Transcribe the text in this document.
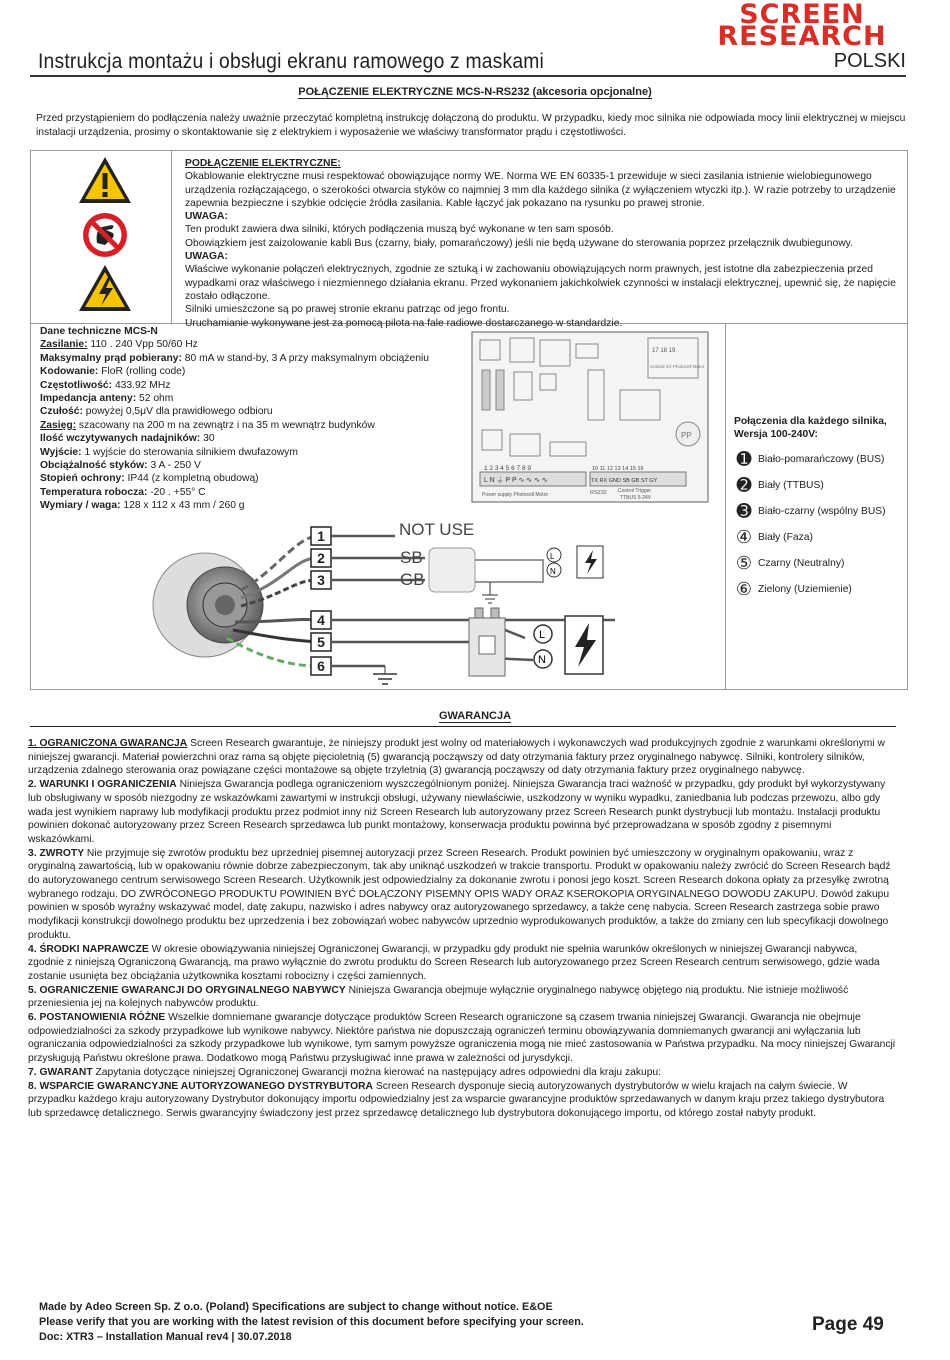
SCREEN
RESEARCH
Instrukcja montażu i obsługi ekranu ramowego z maskami	POLSKI
POŁĄCZENIE ELEKTRYCZNE MCS-N-RS232 (akcesoria opcjonalne)
Przed przystąpieniem do podłączenia należy uważnie przeczytać kompletną instrukcję dołączoną do produktu. W przypadku, kiedy moc silnika nie odpowiada mocy linii elektrycznej w miejscu instalacji urządzenia, prosimy o skontaktowanie się z elektrykiem i wyposażenie we właściwy transformator prądu i częstotliwości.
PODŁĄCZENIE ELEKTRYCZNE:
Okablowanie elektryczne musi respektować obowiązujące normy WE. Norma WE EN 60335-1 przewiduje w sieci zasilania istnienie wielobiegunowego urządzenia rozłączającego, o szerokości otwarcia styków co najmniej 3 mm dla każdego silnika (z wyłączeniem wtyczki itp.). W razie potrzeby to urządzenie zapewnia bezpieczne i szybkie odcięcie źródła zasilania. Kable łączyć jak pokazano na rysunku po prawej stronie.
UWAGA:
Ten produkt zawiera dwa silniki, których podłączenia muszą być wykonane w ten sam sposób.
Obowiązkiem jest zaizolowanie kabli Bus (czarny, biały, pomarańczowy) jeśli nie będą używane do sterowania poprzez przełącznik dwubiegunowy.
UWAGA:
Właściwe wykonanie połączeń elektrycznych, zgodnie ze sztuką i w zachowaniu obowiązujących norm prawnych, jest istotne dla zabezpieczenia przed wypadkami oraz właściwego i niezmiennego działania ekranu. Przed wykonaniem jakichkolwiek czynności w instalacji elektrycznej, upewnić się, że napięcie zostało odłączone.
Silniki umieszczone są po prawej stronie ekranu patrząc od jego frontu.
Uruchamianie wykonywane jest za pomocą pilota na fale radiowe dostarczanego w standardzie.
Dane techniczne MCS-N
Zasilanie: 110 . 240 Vpp 50/60 Hz
Maksymalny prąd pobierany: 80 mA w stand-by, 3 A przy maksymalnym obciążeniu
Kodowanie: FloR (rolling code)
Częstotliwość: 433.92 MHz
Impedancja anteny: 52 ohm
Czułość: powyżej 0,5μV dla prawidłowego odbioru
Zasięg: szacowany na 200 m na zewnątrz i na 35 m wewnątrz budynków
Ilość wczytywanych nadajników: 30
Wyjście: 1 wyjście do sterowania silnikiem dwufazowym
Obciążalność styków: 3 A - 250 V
Stopień ochrony: IP44 (z kompletną obudową)
Temperatura robocza: -20 . +55° C
Wymiary / waga: 128 x 112 x 43 mm / 260 g
17 18 19
Central SV Photocell Motor
PP
1 2 3 4 5 6 7 8 9
L N ⏚ P P ∿ ∿ ∿ ∿
Power supply Photocell Motor
10 11 12 13 14 15 16
TX RX GND SB GB ST GY
RS232 Control Trigger
TTBUS 5-24V
1
2
3
4
5
6
NOT USE
SB
GB
L
N
L
N
Połączenia dla każdego silnika,
Wersja 100-240V:
➊ Biało-pomarańczowy (BUS)
➋ Biały (TTBUS)
➌ Biało-czarny (wspólny BUS)
④ Biały (Faza)
⑤ Czarny (Neutralny)
⑥ Zielony (Uziemienie)
GWARANCJA
1. OGRANICZONA GWARANCJA Screen Research gwarantuje, że niniejszy produkt jest wolny od materiałowych i wykonawczych wad produkcyjnych zgodnie z warunkami określonymi w niniejszej gwarancji. Materiał powierzchni oraz rama są objęte pięcioletnią (5) gwarancją począwszy od daty otrzymania faktury przez oryginalnego nabywcę. Silniki, kontrolery silników, urządzenia zdalnego sterowania oraz powiązane części montażowe są objęte trzyletnią (3) gwarancją począwszy od daty otrzymania faktury przez oryginalnego nabywcę.
2. WARUNKI I OGRANICZENIA Niniejsza Gwarancja podlega ograniczeniom wyszczególnionym poniżej. Niniejsza Gwarancja traci ważność w przypadku, gdy produkt był wykorzystywany lub obsługiwany w sposób niezgodny ze wskazówkami zawartymi w instrukcji obsługi, używany niewłaściwie, uszkodzony w wyniku wypadku, zaniedbania lub podczas przewozu, albo gdy wada jest wynikiem naprawy lub modyfikacji produktu przez podmiot inny niż Screen Research lub autoryzowany przez Screen Research punkt dystrybucji lub montażu. Instalacji produktu powinien dokonać autoryzowany przez Screen Research sprzedawca lub punkt montażowy, konserwacja produktu powinna być przeprowadzana w sposób zgodny z pisemnymi wskazówkami.
3. ZWROTY Nie przyjmuje się zwrotów produktu bez uprzedniej pisemnej autoryzacji przez Screen Research. Produkt powinien być umieszczony w oryginalnym opakowaniu, wraz z oryginalną zawartością, lub w opakowaniu równie dobrze zabezpieczonym, tak aby uniknąć uszkodzeń w trakcie transportu. Produkt w opakowaniu należy zwrócić do Screen Research bądź do autoryzowanego centrum serwisowego Screen Research. Użytkownik jest odpowiedzialny za dokonanie zwrotu i ponosi jego koszt. Screen Research dokona opłaty za przesyłkę zwrotną wybranego rodzaju. DO ZWRÓCONEGO PRODUKTU POWINIEN BYĆ DOŁĄCZONY PISEMNY OPIS WADY ORAZ KSEROKOPIA ORYGINALNEGO DOWODU ZAKUPU. Dowód zakupu powinien w sposób wyraźny wskazywać model, datę zakupu, nazwisko i adres nabywcy oraz autoryzowanego sprzedawcy, a także cenę nabycia. Screen Research zastrzega sobie prawo modyfikacji konstrukcji dowolnego produktu bez uprzedzenia i bez zobowiązań wobec nabywców uprzednio wyprodukowanych produktów, a także do zmiany cen lub specyfikacji dowolnego produktu.
4. ŚRODKI NAPRAWCZE W okresie obowiązywania niniejszej Ograniczonej Gwarancji, w przypadku gdy produkt nie spełnia warunków określonych w niniejszej Gwarancji nabywca, zgodnie z niniejszą Ograniczoną Gwarancją, ma prawo wyłącznie do zwrotu produktu do Screen Research lub autoryzowanego przez Screen Research centrum serwisowego, gdzie wada zostanie usunięta bez obciążania użytkownika kosztami robocizny i części zamiennych.
5. OGRANICZENIE GWARANCJI DO ORYGINALNEGO NABYWCY Niniejsza Gwarancja obejmuje wyłącznie oryginalnego nabywcę objętego nią produktu. Nie istnieje możliwość przeniesienia jej na kolejnych nabywców produktu.
6. POSTANOWIENIA RÓŻNE Wszelkie domniemane gwarancje dotyczące produktów Screen Research ograniczone są czasem trwania niniejszej Gwarancji. Gwarancja nie obejmuje odpowiedzialności za szkody przypadkowe lub wynikowe nabywcy. Niektóre państwa nie dopuszczają ograniczeń terminu obowiązywania domniemanych gwarancji ani wyłączania lub ograniczania odpowiedzialności za szkody przypadkowe lub wynikowe, tym samym powyższe ograniczenia mogą nie mieć zastosowania w Państwa przypadku. Na mocy niniejszej Gwarancji przysługują Państwu określone prawa. Dodatkowo mogą Państwu przysługiwać inne prawa w zależności od jurysdykcji.
7. GWARANT Zapytania dotyczące niniejszej Ograniczonej Gwarancji można kierować na następujący adres odpowiedni dla kraju zakupu:
8. WSPARCIE GWARANCYJNE AUTORYZOWANEGO DYSTRYBUTORA Screen Research dysponuje siecią autoryzowanych dystrybutorów w wielu krajach na całym świecie. W przypadku każdego kraju autoryzowany Dystrybutor dokonujący importu odpowiedzialny jest za wsparcie gwarancyjne produktów sprzedawanych w danym kraju przez takiego dystrybutora lub sprzedawcę detalicznego. Serwis gwarancyjny świadczony jest przez sprzedawcę detalicznego lub dystrybutora dokonującego importu, od którego został nabyty produkt.
Made by Adeo Screen Sp. Z o.o. (Poland) Specifications are subject to change without notice. E&OE
Please verify that you are working with the latest revision of this document before specifying your screen.
Doc: XTR3 – Installation Manual rev4 | 30.07.2018
Page 49
